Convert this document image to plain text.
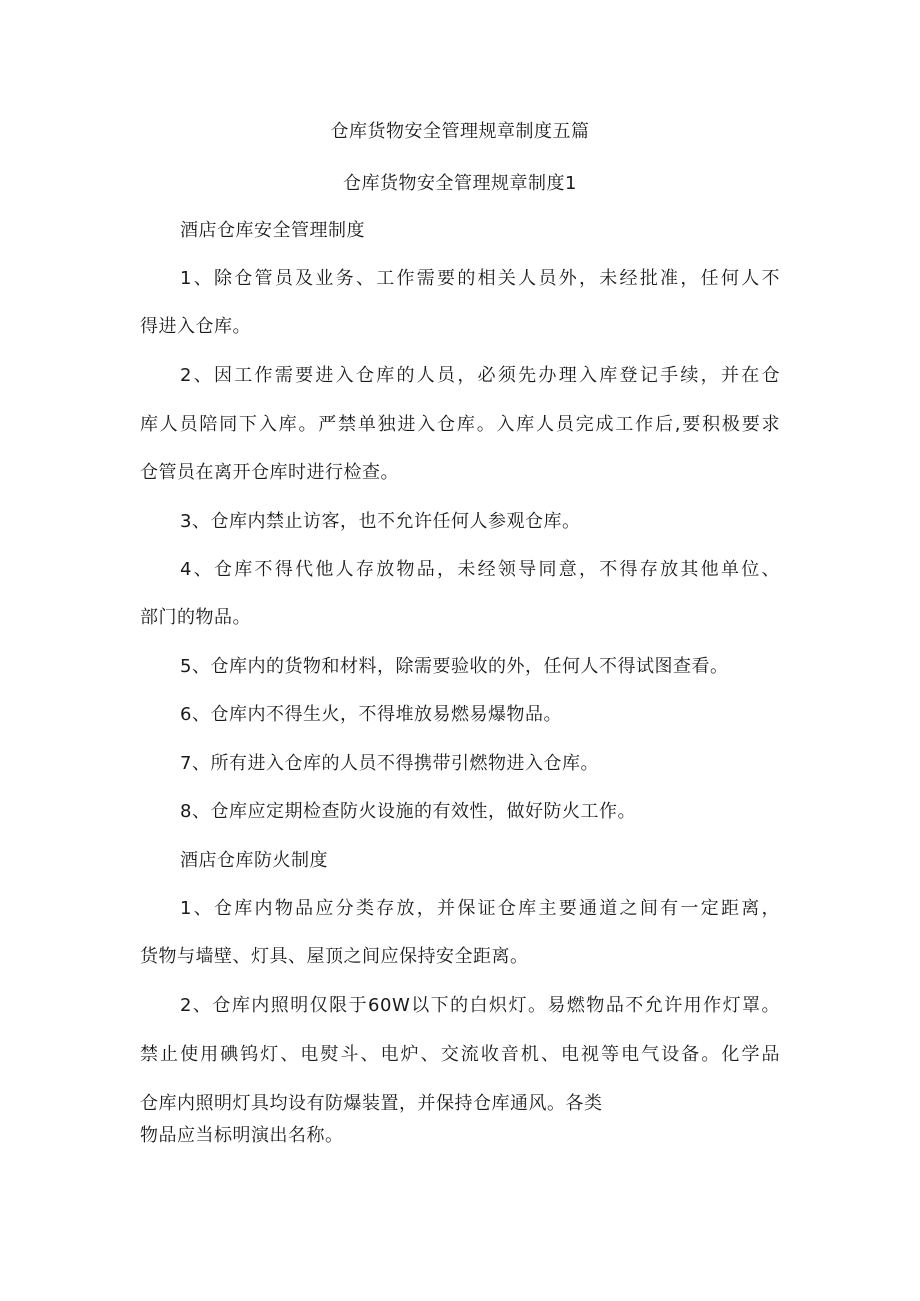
仓库货物安全管理规章制度五篇
仓库货物安全管理规章制度1
酒店仓库安全管理制度
1、除仓管员及业务、工作需要的相关人员外，未经批准，任何人不
得进入仓库。
2、因工作需要进入仓库的人员，必须先办理入库登记手续，并在仓
库人员陪同下入库。严禁单独进入仓库。入库人员完成工作后,要积极要求
仓管员在离开仓库时进行检查。
3、仓库内禁止访客，也不允许任何人参观仓库。
4、仓库不得代他人存放物品，未经领导同意，不得存放其他单位、
部门的物品。
5、仓库内的货物和材料，除需要验收的外，任何人不得试图查看。
6、仓库内不得生火，不得堆放易燃易爆物品。
7、所有进入仓库的人员不得携带引燃物进入仓库。
8、仓库应定期检查防火设施的有效性，做好防火工作。
酒店仓库防火制度
1、仓库内物品应分类存放，并保证仓库主要通道之间有一定距离，
货物与墙壁、灯具、屋顶之间应保持安全距离。
2、仓库内照明仅限于60W以下的白炽灯。易燃物品不允许用作灯罩。
禁止使用碘钨灯、电熨斗、电炉、交流收音机、电视等电气设备。化学品
仓库内照明灯具均设有防爆装置，并保持仓库通风。各类
物品应当标明演出名称。
